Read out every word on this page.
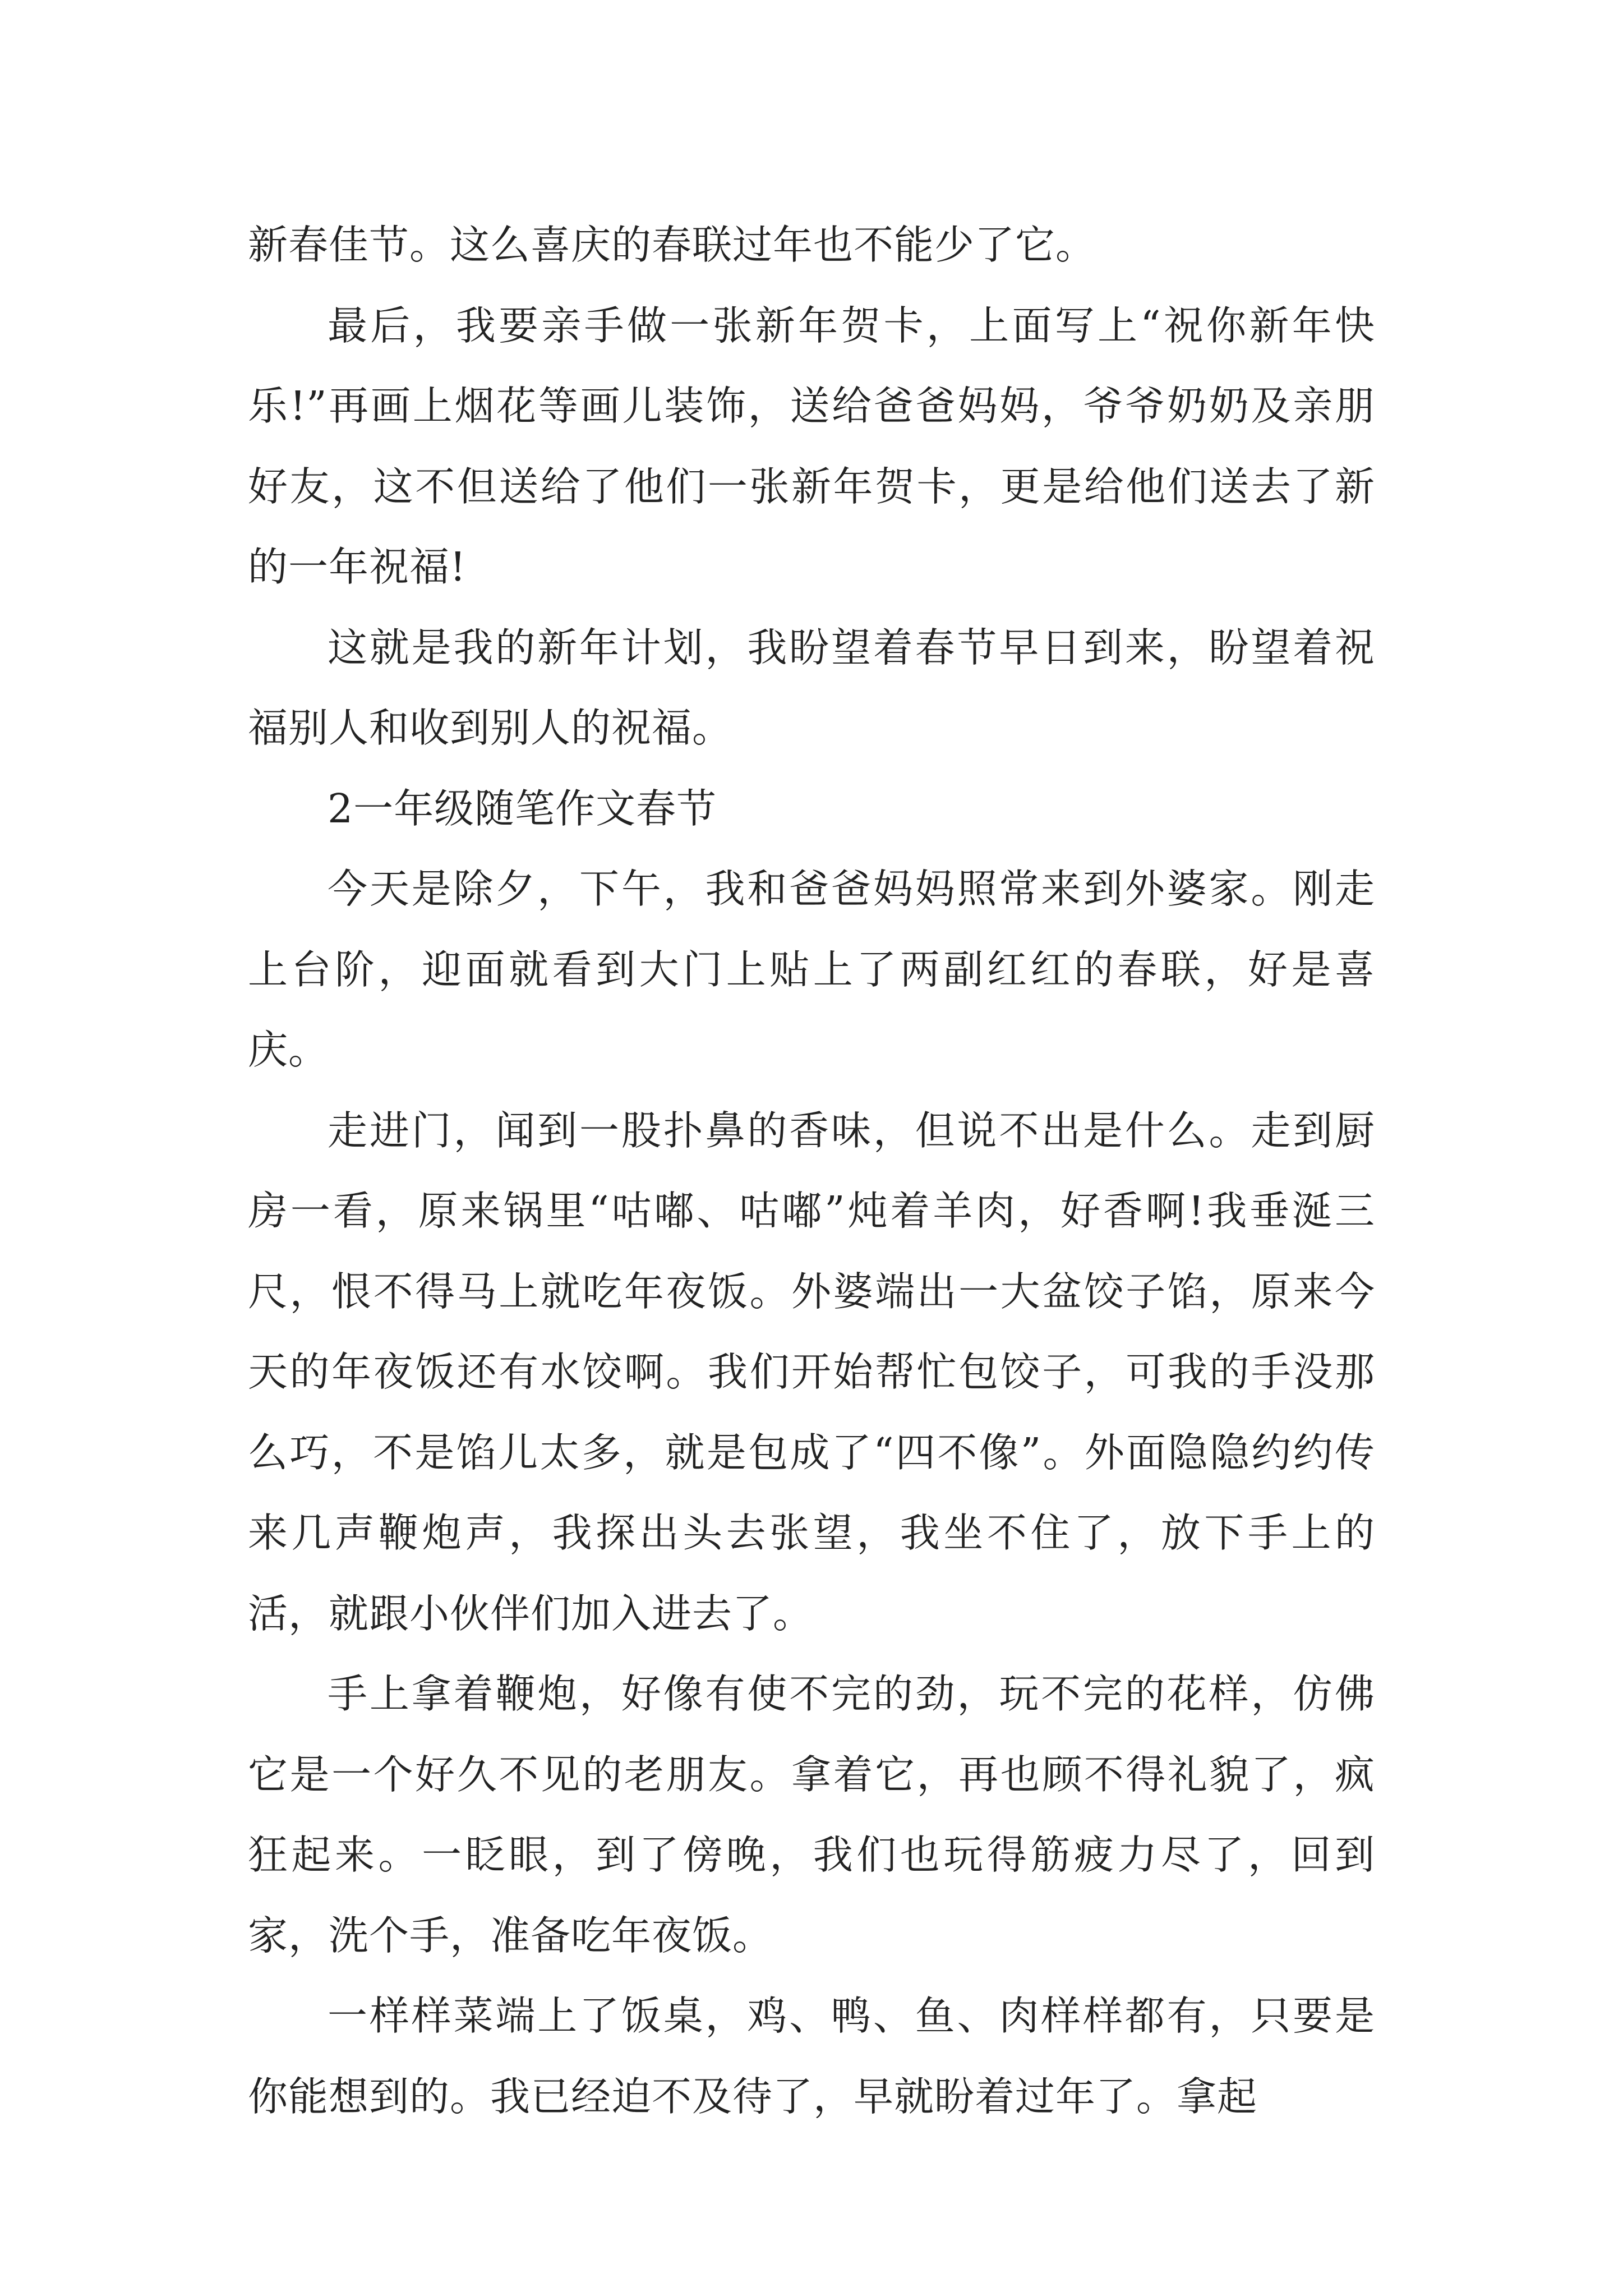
新春佳节。这么喜庆的春联过年也不能少了它。

最后，我要亲手做一张新年贺卡，上面写上“祝你新年快乐!”再画上烟花等画儿装饰，送给爸爸妈妈，爷爷奶奶及亲朋好友，这不但送给了他们一张新年贺卡，更是给他们送去了新的一年祝福!

这就是我的新年计划，我盼望着春节早日到来，盼望着祝福别人和收到别人的祝福。

2一年级随笔作文春节

今天是除夕，下午，我和爸爸妈妈照常来到外婆家。刚走上台阶，迎面就看到大门上贴上了两副红红的春联，好是喜庆。

走进门，闻到一股扑鼻的香味，但说不出是什么。走到厨房一看，原来锅里“咕嘟、咕嘟”炖着羊肉，好香啊!我垂涎三尺，恨不得马上就吃年夜饭。外婆端出一大盆饺子馅，原来今天的年夜饭还有水饺啊。我们开始帮忙包饺子，可我的手没那么巧，不是馅儿太多，就是包成了“四不像”。外面隐隐约约传来几声鞭炮声，我探出头去张望，我坐不住了，放下手上的活，就跟小伙伴们加入进去了。

手上拿着鞭炮，好像有使不完的劲，玩不完的花样，仿佛它是一个好久不见的老朋友。拿着它，再也顾不得礼貌了，疯狂起来。一眨眼，到了傍晚，我们也玩得筋疲力尽了，回到家，洗个手，准备吃年夜饭。

一样样菜端上了饭桌，鸡、鸭、鱼、肉样样都有，只要是你能想到的。我已经迫不及待了，早就盼着过年了。拿起
